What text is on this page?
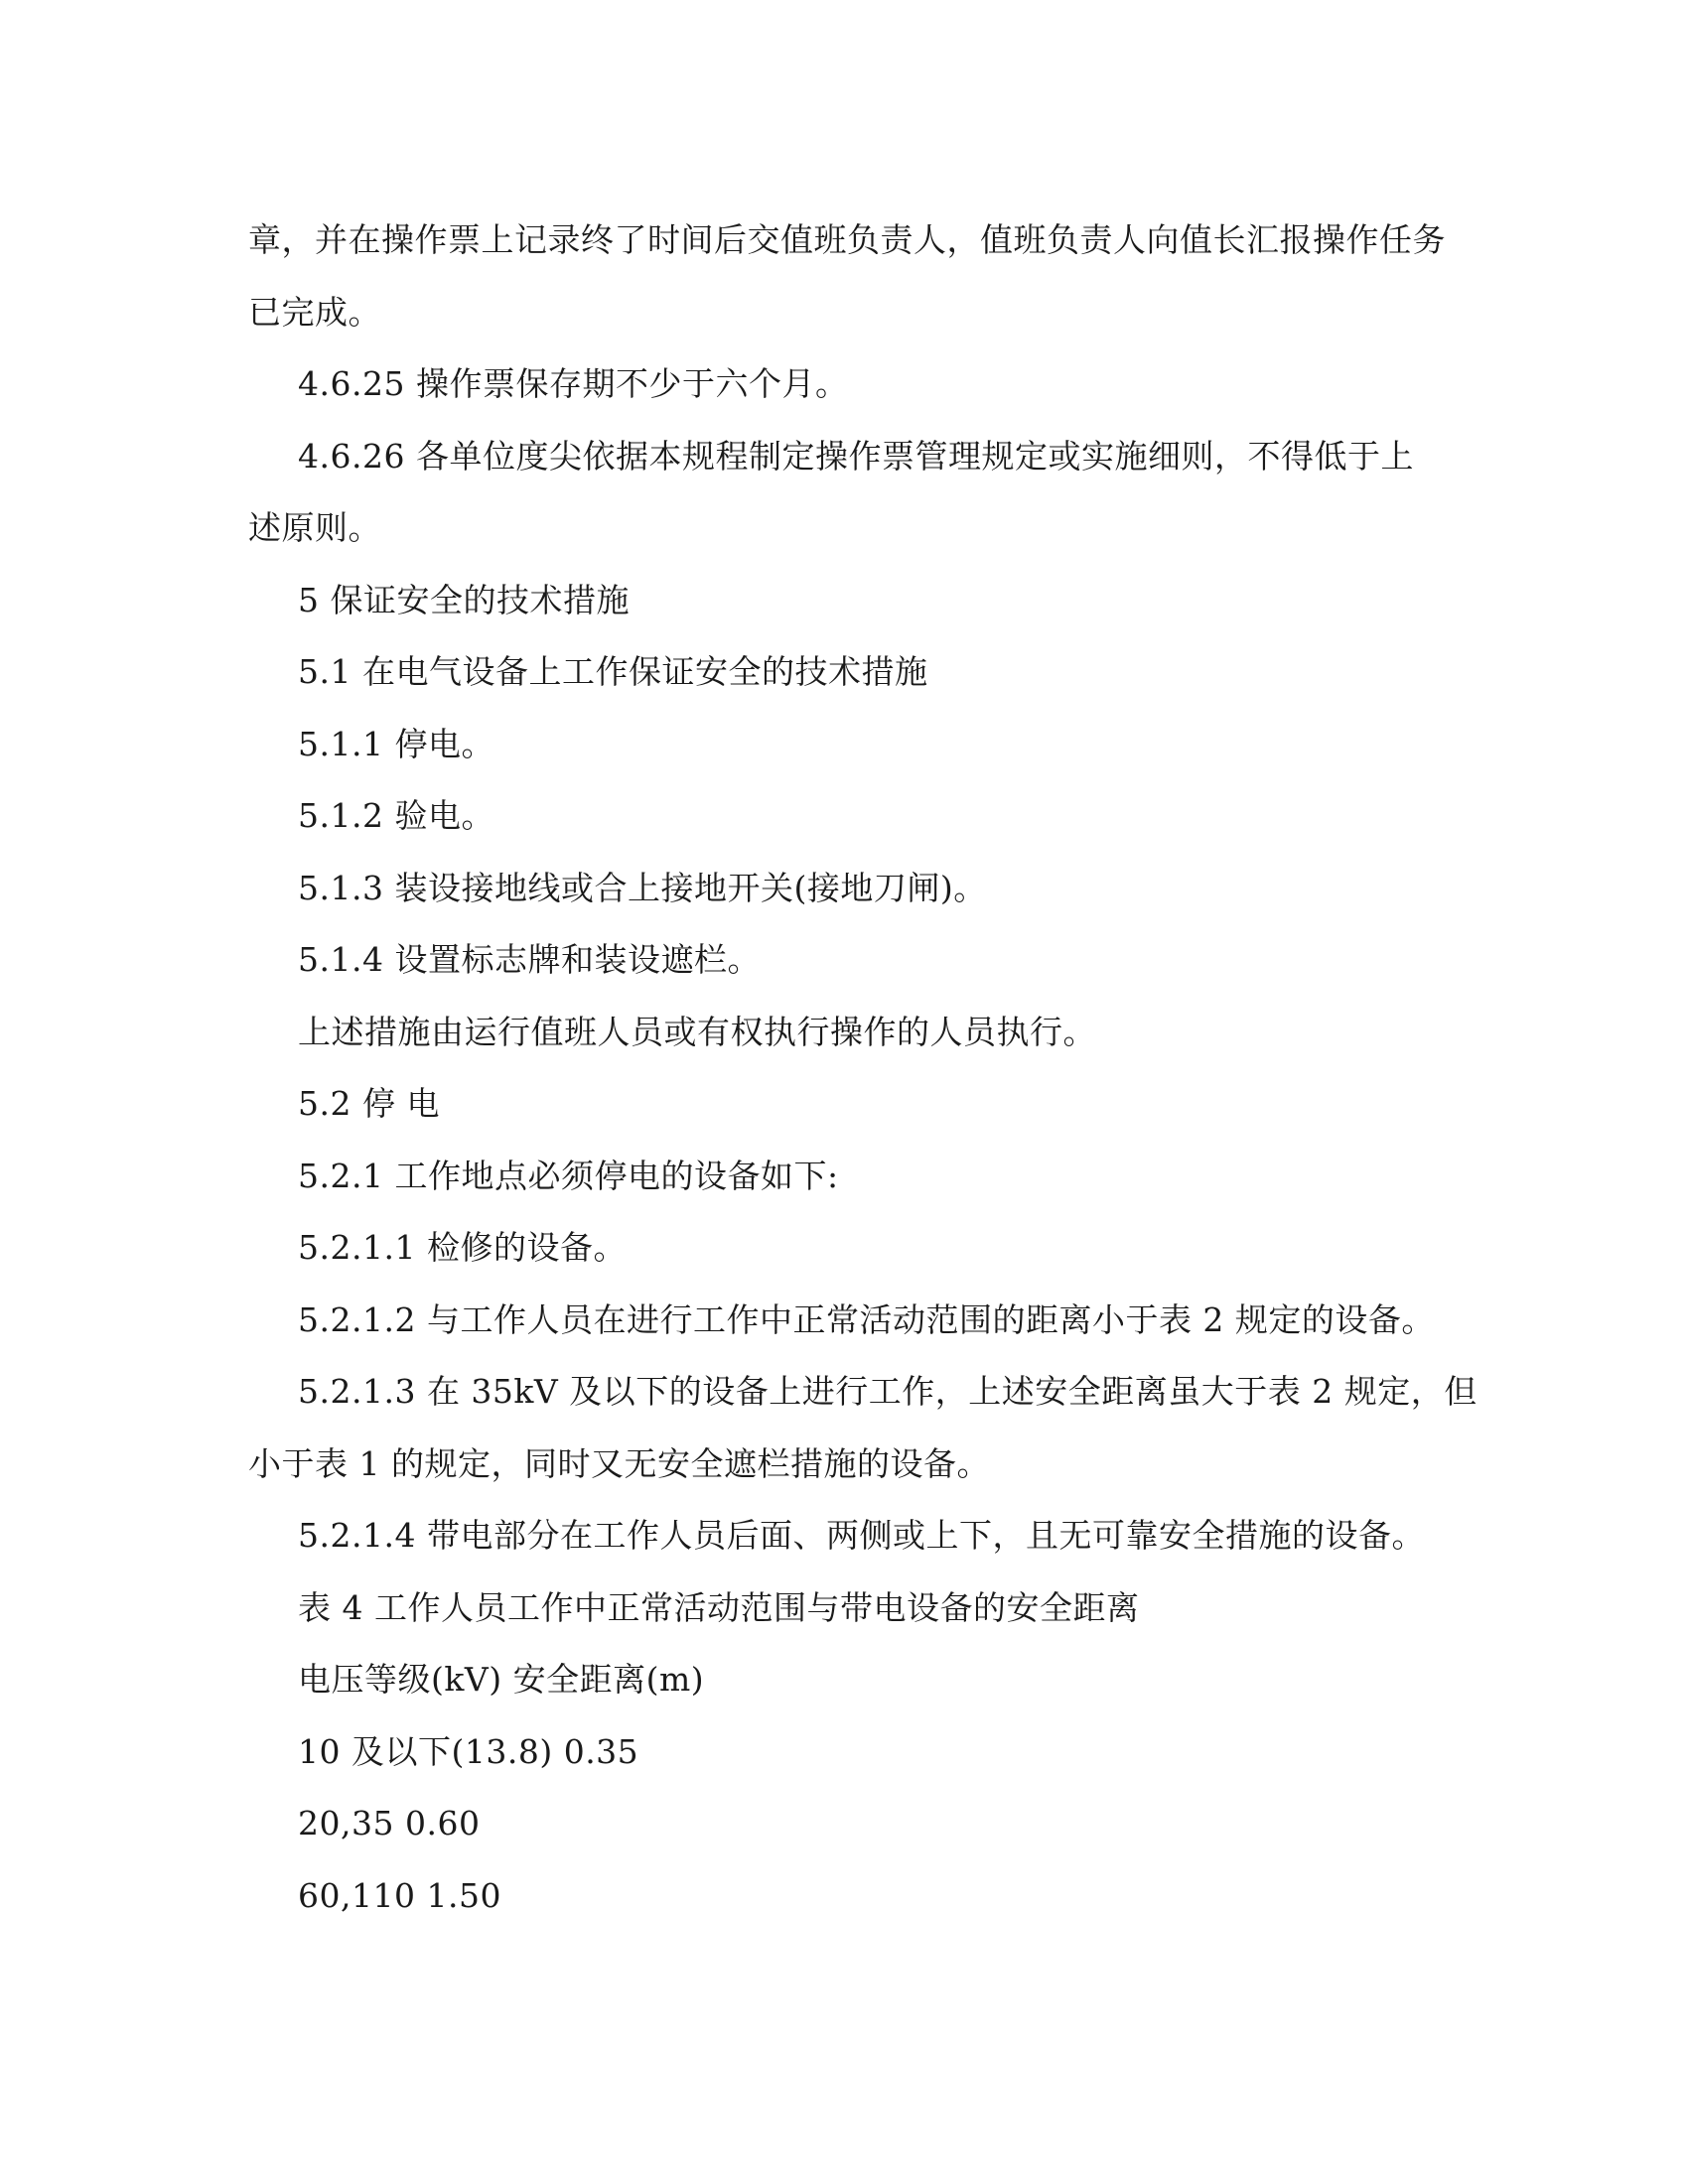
章，并在操作票上记录终了时间后交值班负责人，值班负责人向值长汇报操作任务
已完成。
4.6.25 操作票保存期不少于六个月。
4.6.26 各单位度尖依据本规程制定操作票管理规定或实施细则，不得低于上
述原则。
5 保证安全的技术措施
5.1 在电气设备上工作保证安全的技术措施
5.1.1 停电。
5.1.2 验电。
5.1.3 装设接地线或合上接地开关(接地刀闸)。
5.1.4 设置标志牌和装设遮栏。
上述措施由运行值班人员或有权执行操作的人员执行。
5.2 停 电
5.2.1 工作地点必须停电的设备如下:
5.2.1.1 检修的设备。
5.2.1.2 与工作人员在进行工作中正常活动范围的距离小于表 2 规定的设备。
5.2.1.3 在 35kV 及以下的设备上进行工作，上述安全距离虽大于表 2 规定，但
小于表 1 的规定，同时又无安全遮栏措施的设备。
5.2.1.4 带电部分在工作人员后面、两侧或上下，且无可靠安全措施的设备。
表 4 工作人员工作中正常活动范围与带电设备的安全距离
电压等级(kV) 安全距离(m)
10 及以下(13.8) 0.35
20,35 0.60
60,110 1.50
